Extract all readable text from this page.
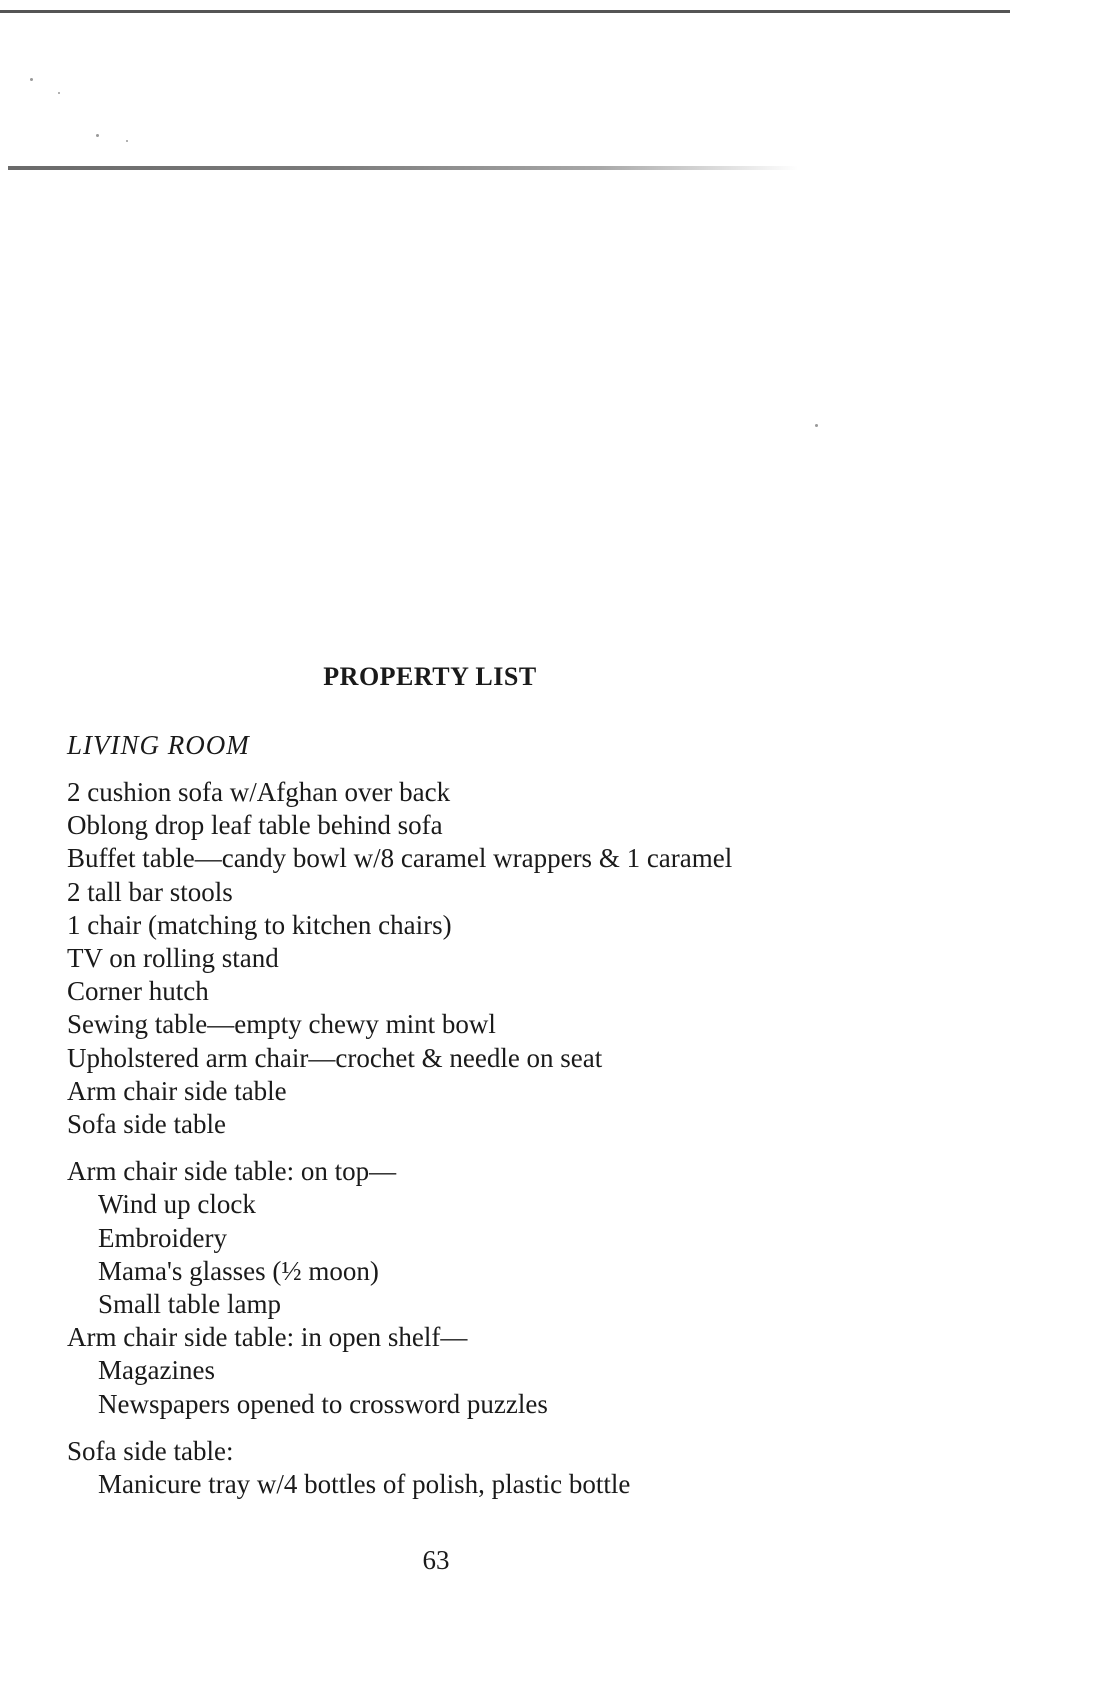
PROPERTY LIST
LIVING ROOM
2 cushion sofa w/Afghan over back
Oblong drop leaf table behind sofa
Buffet table—candy bowl w/8 caramel wrappers & 1 caramel
2 tall bar stools
1 chair (matching to kitchen chairs)
TV on rolling stand
Corner hutch
Sewing table—empty chewy mint bowl
Upholstered arm chair—crochet & needle on seat
Arm chair side table
Sofa side table
Arm chair side table: on top—
Wind up clock
Embroidery
Mama's glasses (½ moon)
Small table lamp
Arm chair side table: in open shelf—
Magazines
Newspapers opened to crossword puzzles
Sofa side table:
Manicure tray w/4 bottles of polish, plastic bottle
63
